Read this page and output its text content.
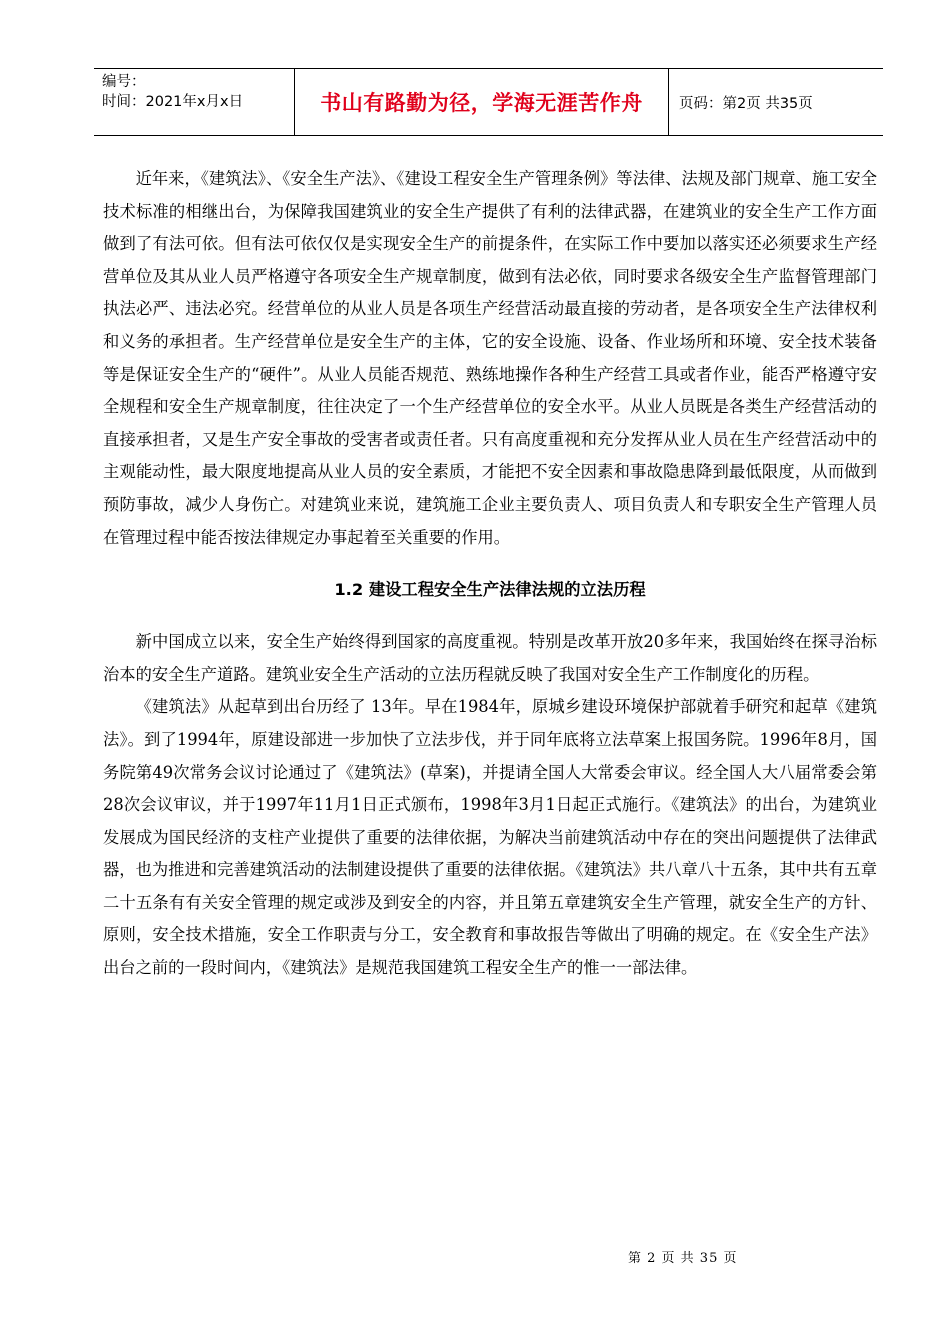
编号：
时间：2021年x月x日	书山有路勤为径，学海无涯苦作舟	页码：第2页 共35页

近年来，《建筑法》、《安全生产法》、《建设工程安全生产管理条例》等法律、法规及部门规章、施工安全技术标准的相继出台，为保障我国建筑业的安全生产提供了有利的法律武器，在建筑业的安全生产工作方面做到了有法可依。但有法可依仅仅是实现安全生产的前提条件，在实际工作中要加以落实还必须要求生产经营单位及其从业人员严格遵守各项安全生产规章制度，做到有法必依，同时要求各级安全生产监督管理部门执法必严、违法必究。经营单位的从业人员是各项生产经营活动最直接的劳动者，是各项安全生产法律权利和义务的承担者。生产经营单位是安全生产的主体，它的安全设施、设备、作业场所和环境、安全技术装备等是保证安全生产的“硬件”。从业人员能否规范、熟练地操作各种生产经营工具或者作业，能否严格遵守安全规程和安全生产规章制度，往往决定了一个生产经营单位的安全水平。从业人员既是各类生产经营活动的直接承担者，又是生产安全事故的受害者或责任者。只有高度重视和充分发挥从业人员在生产经营活动中的主观能动性，最大限度地提高从业人员的安全素质，才能把不安全因素和事故隐患降到最低限度，从而做到预防事故，减少人身伤亡。对建筑业来说，建筑施工企业主要负责人、项目负责人和专职安全生产管理人员在管理过程中能否按法律规定办事起着至关重要的作用。

1.2 建设工程安全生产法律法规的立法历程

新中国成立以来，安全生产始终得到国家的高度重视。特别是改革开放20多年来，我国始终在探寻治标治本的安全生产道路。建筑业安全生产活动的立法历程就反映了我国对安全生产工作制度化的历程。

《建筑法》从起草到出台历经了 13年。早在1984年，原城乡建设环境保护部就着手研究和起草《建筑法》。到了1994年，原建设部进一步加快了立法步伐，并于同年底将立法草案上报国务院。1996年8月，国务院第49次常务会议讨论通过了《建筑法》(草案)，并提请全国人大常委会审议。经全国人大八届常委会第28次会议审议，并于1997年11月1日正式颁布，1998年3月1日起正式施行。《建筑法》的出台，为建筑业发展成为国民经济的支柱产业提供了重要的法律依据，为解决当前建筑活动中存在的突出问题提供了法律武器，也为推进和完善建筑活动的法制建设提供了重要的法律依据。《建筑法》共八章八十五条，其中共有五章二十五条有有关安全管理的规定或涉及到安全的内容，并且第五章建筑安全生产管理，就安全生产的方针、原则，安全技术措施，安全工作职责与分工，安全教育和事故报告等做出了明确的规定。在《安全生产法》出台之前的一段时间内，《建筑法》是规范我国建筑工程安全生产的惟一一部法律。

第 2 页 共 35 页
